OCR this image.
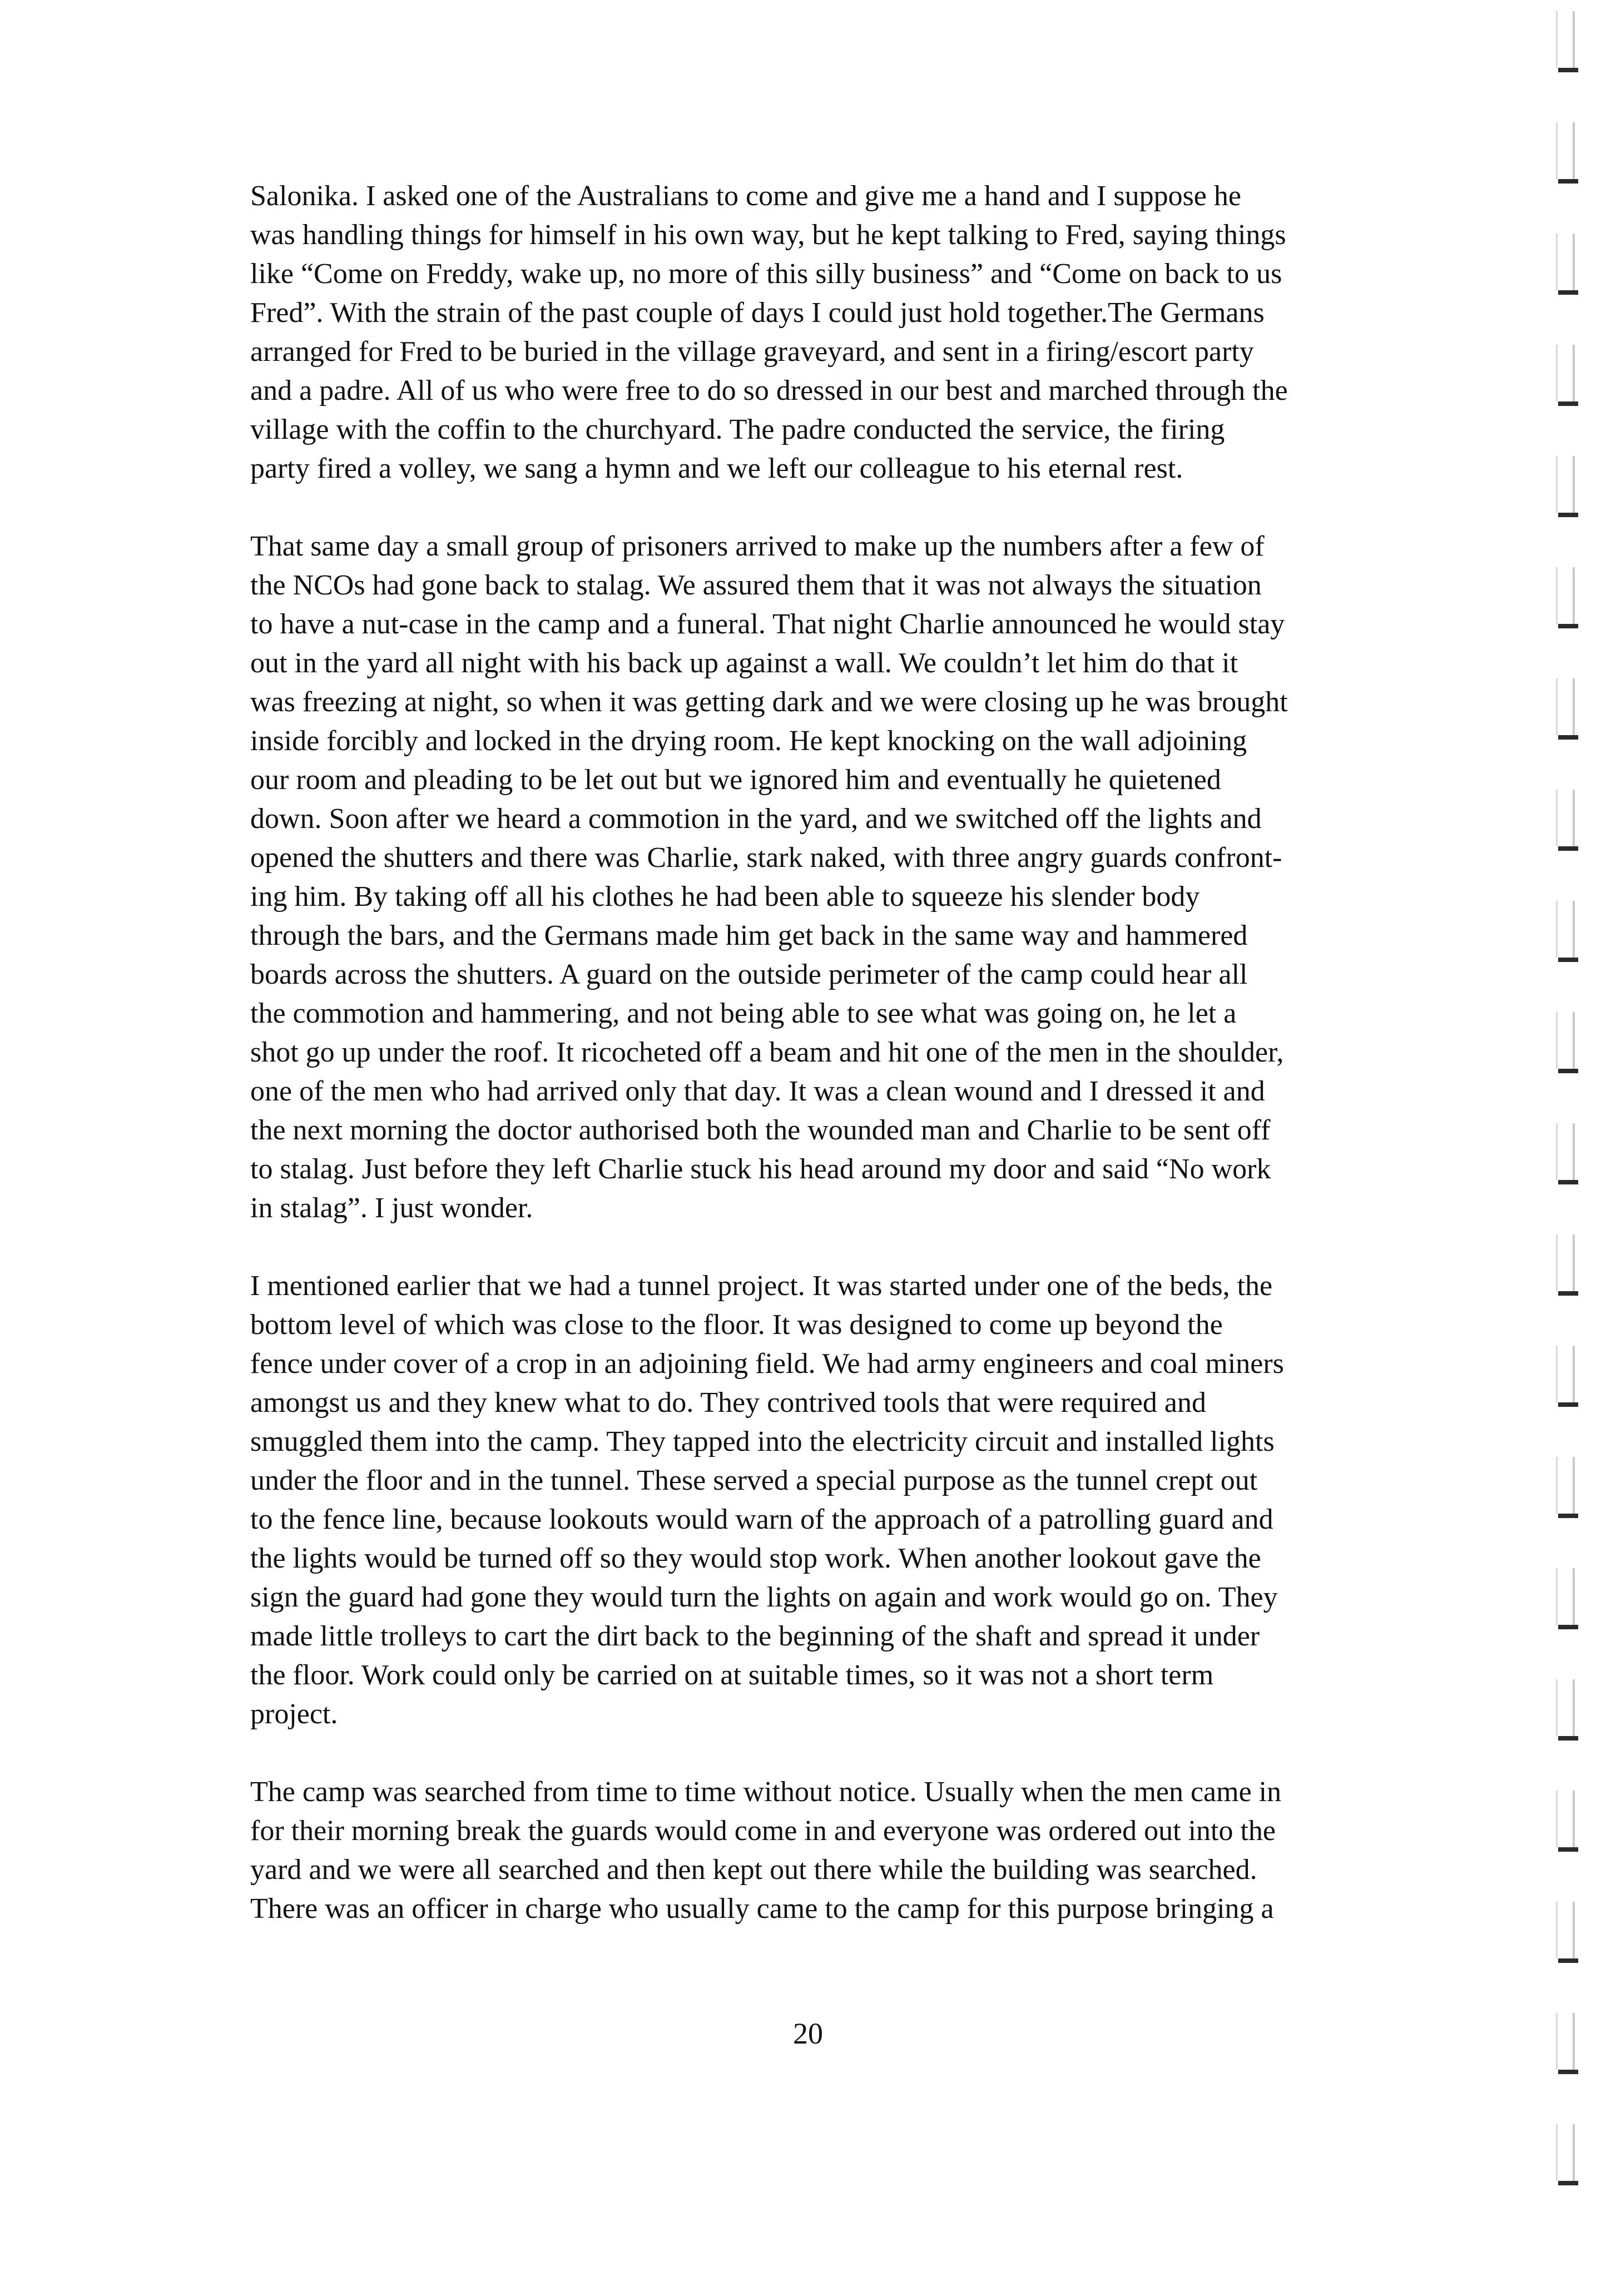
Salonika. I asked one of the Australians to come and give me a hand and I suppose he
was handling things for himself in his own way, but he kept talking to Fred, saying things
like “Come on Freddy, wake up, no more of this silly business” and “Come on back to us
Fred”. With the strain of the past couple of days I could just hold together.The Germans
arranged for Fred to be buried in the village graveyard, and sent in a firing/escort party
and a padre. All of us who were free to do so dressed in our best and marched through the
village with the coffin to the churchyard. The padre conducted the service, the firing
party fired a volley, we sang a hymn and we left our colleague to his eternal rest.

That same day a small group of prisoners arrived to make up the numbers after a few of
the NCOs had gone back to stalag. We assured them that it was not always the situation
to have a nut-case in the camp and a funeral. That night Charlie announced he would stay
out in the yard all night with his back up against a wall. We couldn’t let him do that it
was freezing at night, so when it was getting dark and we were closing up he was brought
inside forcibly and locked in the drying room. He kept knocking on the wall adjoining
our room and pleading to be let out but we ignored him and eventually he quietened
down. Soon after we heard a commotion in the yard, and we switched off the lights and
opened the shutters and there was Charlie, stark naked, with three angry guards confront-
ing him. By taking off all his clothes he had been able to squeeze his slender body
through the bars, and the Germans made him get back in the same way and hammered
boards across the shutters. A guard on the outside perimeter of the camp could hear all
the commotion and hammering, and not being able to see what was going on, he let a
shot go up under the roof. It ricocheted off a beam and hit one of the men in the shoulder,
one of the men who had arrived only that day. It was a clean wound and I dressed it and
the next morning the doctor authorised both the wounded man and Charlie to be sent off
to stalag. Just before they left Charlie stuck his head around my door and said “No work
in stalag”. I just wonder.

I mentioned earlier that we had a tunnel project. It was started under one of the beds, the
bottom level of which was close to the floor. It was designed to come up beyond the
fence under cover of a crop in an adjoining field. We had army engineers and coal miners
amongst us and they knew what to do. They contrived tools that were required and
smuggled them into the camp. They tapped into the electricity circuit and installed lights
under the floor and in the tunnel. These served a special purpose as the tunnel crept out
to the fence line, because lookouts would warn of the approach of a patrolling guard and
the lights would be turned off so they would stop work. When another lookout gave the
sign the guard had gone they would turn the lights on again and work would go on. They
made little trolleys to cart the dirt back to the beginning of the shaft and spread it under
the floor. Work could only be carried on at suitable times, so it was not a short term
project.

The camp was searched from time to time without notice. Usually when the men came in
for their morning break the guards would come in and everyone was ordered out into the
yard and we were all searched and then kept out there while the building was searched.
There was an officer in charge who usually came to the camp for this purpose bringing a

20
